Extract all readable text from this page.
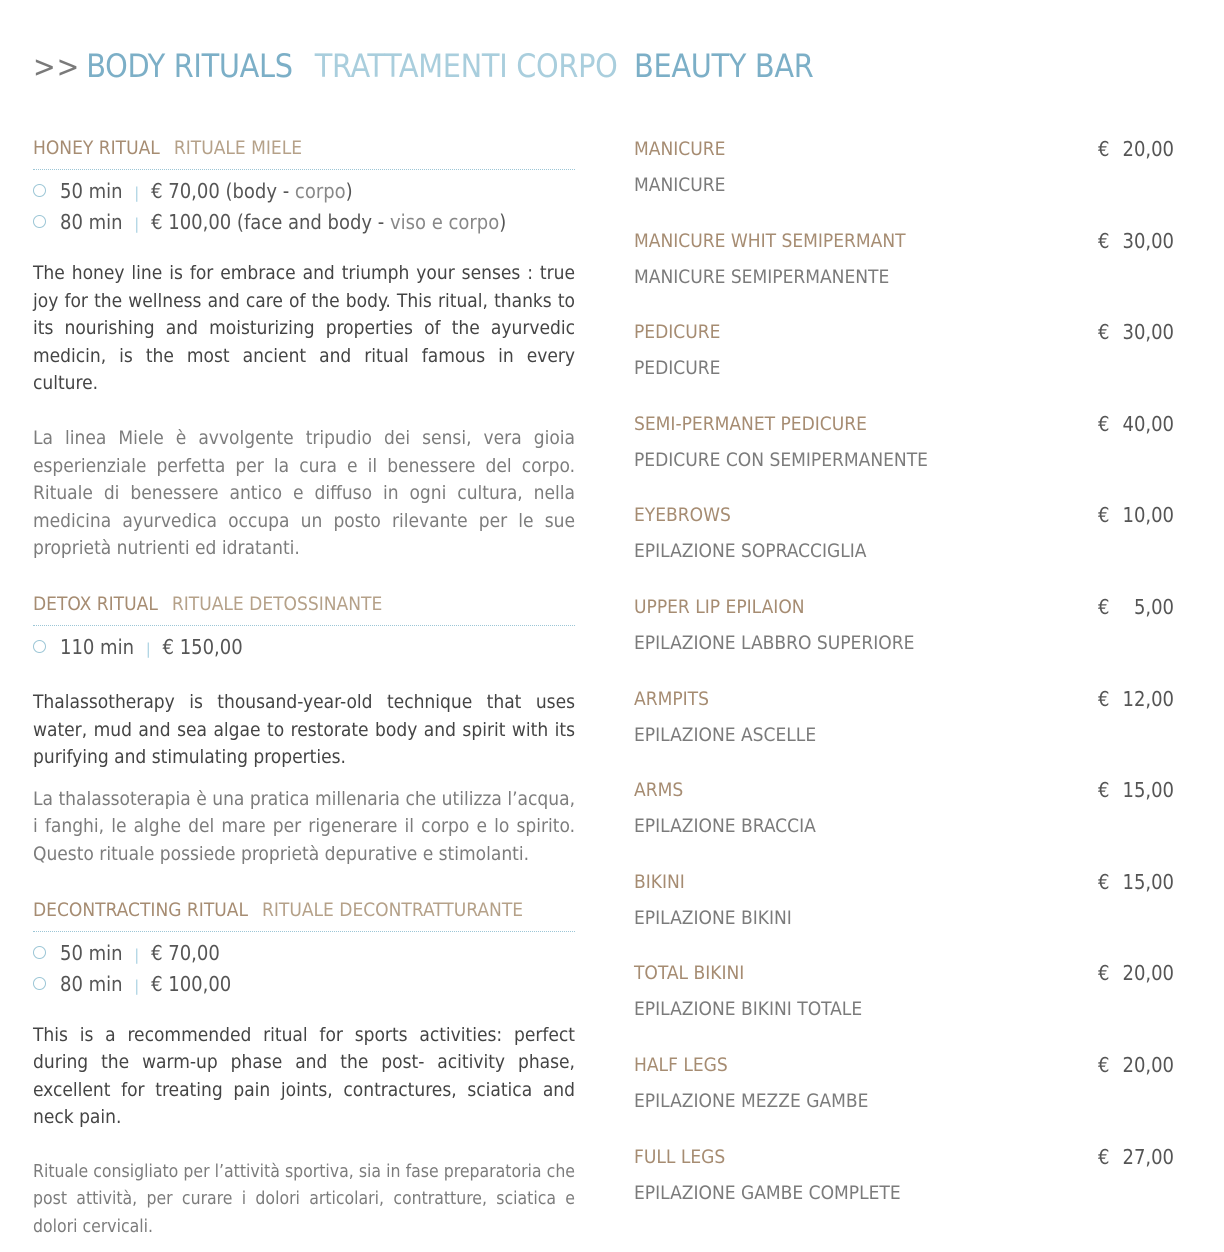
>> BODY RITUALS TRATTAMENTI CORPO
HONEY RITUAL RITUALE MIELE
50 min | € 70,00 (body - corpo)
80 min | € 100,00 (face and body - viso e corpo)

The honey line is for embrace and triumph your senses : true joy for the wellness and care of the body. This ritual, thanks to its nourishing and moisturizing properties of the ayurvedic medicin, is the most ancient and ritual famous in every culture.

La linea Miele è avvolgente tripudio dei sensi, vera gioia esperienziale perfetta per la cura e il benessere del corpo. Rituale di benessere antico e diffuso in ogni cultura, nella medicina ayurvedica occupa un posto rilevante per le sue proprietà nutrienti ed idratanti.

DETOX RITUAL RITUALE DETOSSINANTE
110 min | € 150,00

Thalassotherapy is thousand-year-old technique that uses water, mud and sea algae to restorate body and spirit with its purifying and stimulating properties.

La thalassoterapia è una pratica millenaria che utilizza l’acqua, i fanghi, le alghe del mare per rigenerare il corpo e lo spirito. Questo rituale possiede proprietà depurative e stimolanti.

DECONTRACTING RITUAL RITUALE DECONTRATTURANTE
50 min | € 70,00
80 min | € 100,00

This is a recommended ritual for sports activities: perfect during the warm-up phase and the post- acitivity phase, excellent for treating pain joints, contractures, sciatica and neck pain.

Rituale consigliato per l’attività sportiva, sia in fase preparatoria che post attività, per curare i dolori articolari, contratture, sciatica e dolori cervicali.

BEAUTY BAR
MANICURE
MANICURE
€ 20,00
MANICURE WHIT SEMIPERMANT
MANICURE SEMIPERMANENTE
€ 30,00
PEDICURE
PEDICURE
€ 30,00
SEMI-PERMANET PEDICURE
PEDICURE CON SEMIPERMANENTE
€ 40,00
EYEBROWS
EPILAZIONE SOPRACCIGLIA
€ 10,00
UPPER LIP EPILAION
EPILAZIONE LABBRO SUPERIORE
€ 5,00
ARMPITS
EPILAZIONE ASCELLE
€ 12,00
ARMS
EPILAZIONE BRACCIA
€ 15,00
BIKINI
EPILAZIONE BIKINI
€ 15,00
TOTAL BIKINI
EPILAZIONE BIKINI TOTALE
€ 20,00
HALF LEGS
EPILAZIONE MEZZE GAMBE
€ 20,00
FULL LEGS
EPILAZIONE GAMBE COMPLETE
€ 27,00
